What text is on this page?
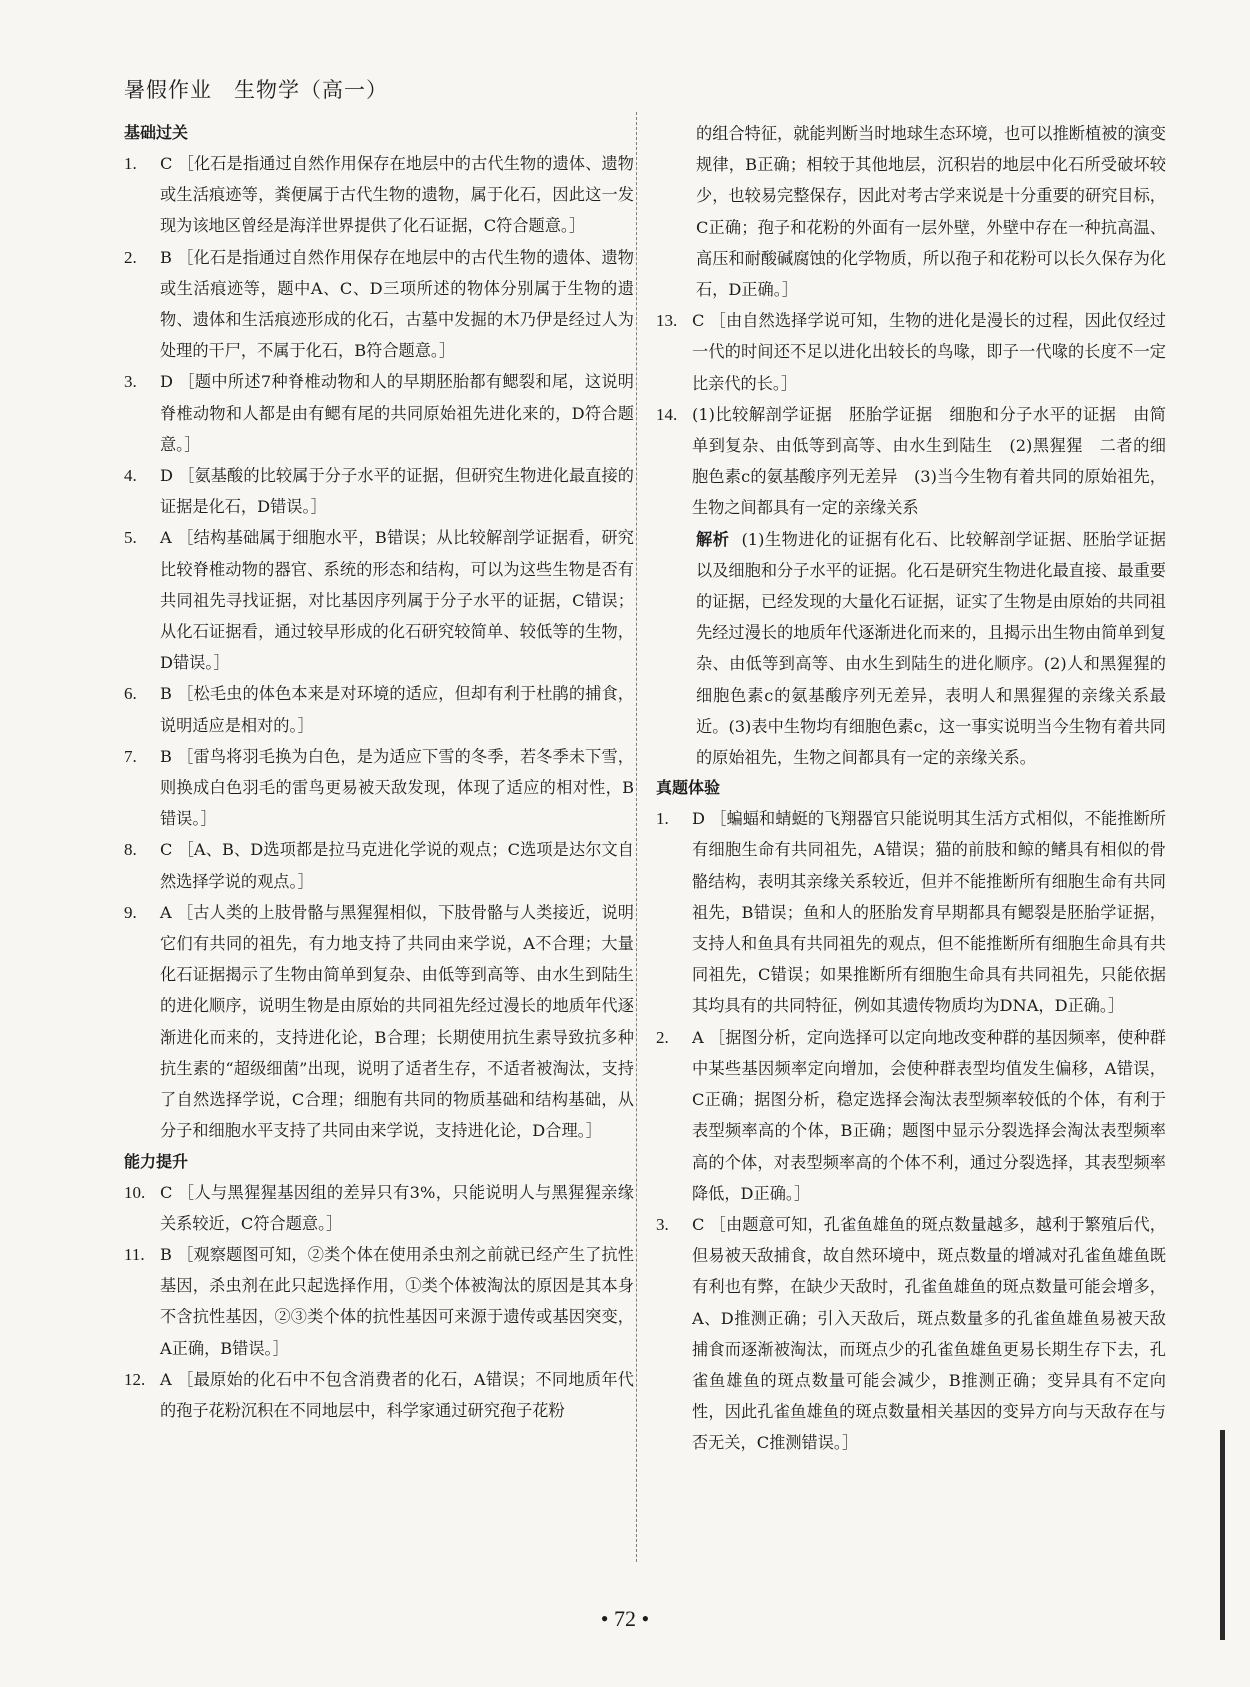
暑假作业 生物学（高一）

基础过关

1.	C ［化石是指通过自然作用保存在地层中的古代生物的遗体、遗物或生活痕迹等，粪便属于古代生物的遗物，属于化石，因此这一发现为该地区曾经是海洋世界提供了化石证据，C符合题意。］
2.	B ［化石是指通过自然作用保存在地层中的古代生物的遗体、遗物或生活痕迹等，题中A、C、D三项所述的物体分别属于生物的遗物、遗体和生活痕迹形成的化石，古墓中发掘的木乃伊是经过人为处理的干尸，不属于化石，B符合题意。］
3.	D ［题中所述7种脊椎动物和人的早期胚胎都有鳃裂和尾，这说明脊椎动物和人都是由有鳃有尾的共同原始祖先进化来的，D符合题意。］
4.	D ［氨基酸的比较属于分子水平的证据，但研究生物进化最直接的证据是化石，D错误。］
5.	A ［结构基础属于细胞水平，B错误；从比较解剖学证据看，研究比较脊椎动物的器官、系统的形态和结构，可以为这些生物是否有共同祖先寻找证据，对比基因序列属于分子水平的证据，C错误；从化石证据看，通过较早形成的化石研究较简单、较低等的生物，D错误。］
6.	B ［松毛虫的体色本来是对环境的适应，但却有利于杜鹃的捕食，说明适应是相对的。］
7.	B ［雷鸟将羽毛换为白色，是为适应下雪的冬季，若冬季未下雪，则换成白色羽毛的雷鸟更易被天敌发现，体现了适应的相对性，B错误。］
8.	C ［A、B、D选项都是拉马克进化学说的观点；C选项是达尔文自然选择学说的观点。］
9.	A ［古人类的上肢骨骼与黑猩猩相似，下肢骨骼与人类接近，说明它们有共同的祖先，有力地支持了共同由来学说，A不合理；大量化石证据揭示了生物由简单到复杂、由低等到高等、由水生到陆生的进化顺序，说明生物是由原始的共同祖先经过漫长的地质年代逐渐进化而来的，支持进化论，B合理；长期使用抗生素导致抗多种抗生素的“超级细菌”出现，说明了适者生存，不适者被淘汰，支持了自然选择学说，C合理；细胞有共同的物质基础和结构基础，从分子和细胞水平支持了共同由来学说，支持进化论，D合理。］

能力提升

10. C ［人与黑猩猩基因组的差异只有3%，只能说明人与黑猩猩亲缘关系较近，C符合题意。］
11. B ［观察题图可知，②类个体在使用杀虫剂之前就已经产生了抗性基因，杀虫剂在此只起选择作用，①类个体被淘汰的原因是其本身不含抗性基因，②③类个体的抗性基因可来源于遗传或基因突变，A正确，B错误。］
12. A ［最原始的化石中不包含消费者的化石，A错误；不同地质年代的孢子花粉沉积在不同地层中，科学家通过研究孢子花粉

的组合特征，就能判断当时地球生态环境，也可以推断植被的演变规律，B正确；相较于其他地层，沉积岩的地层中化石所受破坏较少，也较易完整保存，因此对考古学来说是十分重要的研究目标，C正确；孢子和花粉的外面有一层外壁，外壁中存在一种抗高温、高压和耐酸碱腐蚀的化学物质，所以孢子和花粉可以长久保存为化石，D正确。］

13. C ［由自然选择学说可知，生物的进化是漫长的过程，因此仅经过一代的时间还不足以进化出较长的鸟喙，即子一代喙的长度不一定比亲代的长。］
14. (1)比较解剖学证据　胚胎学证据　细胞和分子水平的证据　由简单到复杂、由低等到高等、由水生到陆生　(2)黑猩猩　二者的细胞色素c的氨基酸序列无差异　(3)当今生物有着共同的原始祖先，生物之间都具有一定的亲缘关系

解析 (1)生物进化的证据有化石、比较解剖学证据、胚胎学证据以及细胞和分子水平的证据。化石是研究生物进化最直接、最重要的证据，已经发现的大量化石证据，证实了生物是由原始的共同祖先经过漫长的地质年代逐渐进化而来的，且揭示出生物由简单到复杂、由低等到高等、由水生到陆生的进化顺序。(2)人和黑猩猩的细胞色素c的氨基酸序列无差异，表明人和黑猩猩的亲缘关系最近。(3)表中生物均有细胞色素c，这一事实说明当今生物有着共同的原始祖先，生物之间都具有一定的亲缘关系。

真题体验

1.	D ［蝙蝠和蜻蜓的飞翔器官只能说明其生活方式相似，不能推断所有细胞生命有共同祖先，A错误；猫的前肢和鲸的鳍具有相似的骨骼结构，表明其亲缘关系较近，但并不能推断所有细胞生命有共同祖先，B错误；鱼和人的胚胎发育早期都具有鳃裂是胚胎学证据，支持人和鱼具有共同祖先的观点，但不能推断所有细胞生命具有共同祖先，C错误；如果推断所有细胞生命具有共同祖先，只能依据其均具有的共同特征，例如其遗传物质均为DNA，D正确。］
2.	A ［据图分析，定向选择可以定向地改变种群的基因频率，使种群中某些基因频率定向增加，会使种群表型均值发生偏移，A错误，C正确；据图分析，稳定选择会淘汰表型频率较低的个体，有利于表型频率高的个体，B正确；题图中显示分裂选择会淘汰表型频率高的个体，对表型频率高的个体不利，通过分裂选择，其表型频率降低，D正确。］
3.	C ［由题意可知，孔雀鱼雄鱼的斑点数量越多，越利于繁殖后代，但易被天敌捕食，故自然环境中，斑点数量的增减对孔雀鱼雄鱼既有利也有弊，在缺少天敌时，孔雀鱼雄鱼的斑点数量可能会增多，A、D推测正确；引入天敌后，斑点数量多的孔雀鱼雄鱼易被天敌捕食而逐渐被淘汰，而斑点少的孔雀鱼雄鱼更易长期生存下去，孔雀鱼雄鱼的斑点数量可能会减少，B推测正确；变异具有不定向性，因此孔雀鱼雄鱼的斑点数量相关基因的变异方向与天敌存在与否无关，C推测错误。］
• 72 •
